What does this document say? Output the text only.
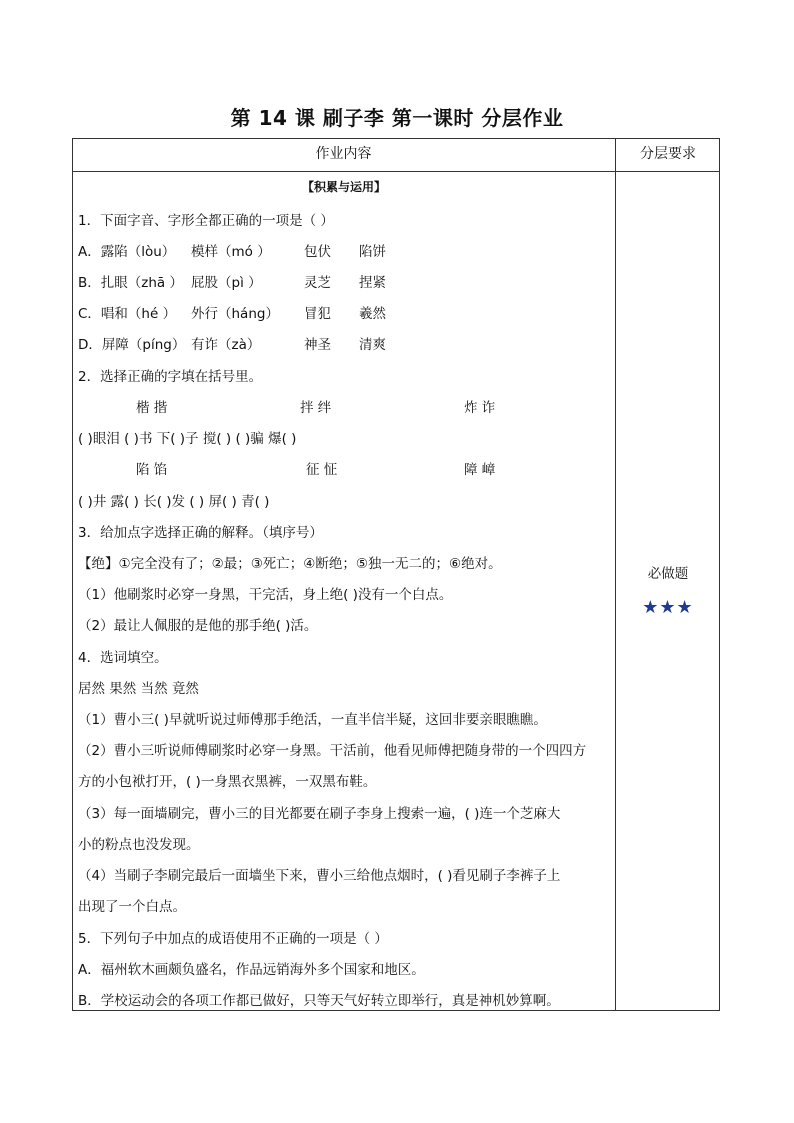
第 14 课 刷子李 第一课时 分层作业
作业内容	分层要求
【积累与运用】
1．下面字音、字形全都正确的一项是（ ）
A．露陷（lòu） 模样（mó ） 包伏 陷饼
B．扎眼（zhā ） 屁股（pì ）	灵芝 捏紧
C．唱和（hé ） 外行（háng） 冒犯 羲然
D．屏障（píng） 有诈（zà）	神圣 清爽
2．选择正确的字填在括号里。
楷 揩	拌 绊	炸 诈
( )眼泪 ( )书 下( )子 搅( ) ( )骗 爆( )
陷 馅	征 怔	障 嶂
( )井 露( ) 长( )发 ( ) 屏( ) 青( )
3．给加点字选择正确的解释。（填序号）
【绝】①完全没有了；②最；③死亡；④断绝；⑤独一无二的；⑥绝对。
（1）他刷浆时必穿一身黑，干完活，身上绝( )没有一个白点。
（2）最让人佩服的是他的那手绝( )活。
4．选词填空。
居然 果然 当然 竟然
（1）曹小三( )早就听说过师傅那手绝活，一直半信半疑，这回非要亲眼瞧瞧。
（2）曹小三听说师傅刷浆时必穿一身黑。干活前，他看见师傅把随身带的一个四四方
方的小包袱打开，( )一身黑衣黑裤，一双黑布鞋。
（3）每一面墙刷完，曹小三的目光都要在刷子李身上搜索一遍，( )连一个芝麻大
小的粉点也没发现。
（4）当刷子李刷完最后一面墙坐下来，曹小三给他点烟时，( )看见刷子李裤子上
出现了一个白点。
5．下列句子中加点的成语使用不正确的一项是（ ）
A．福州软木画颇负盛名，作品远销海外多个国家和地区。
B．学校运动会的各项工作都已做好，只等天气好转立即举行，真是神机妙算啊。
必做题
★★★
